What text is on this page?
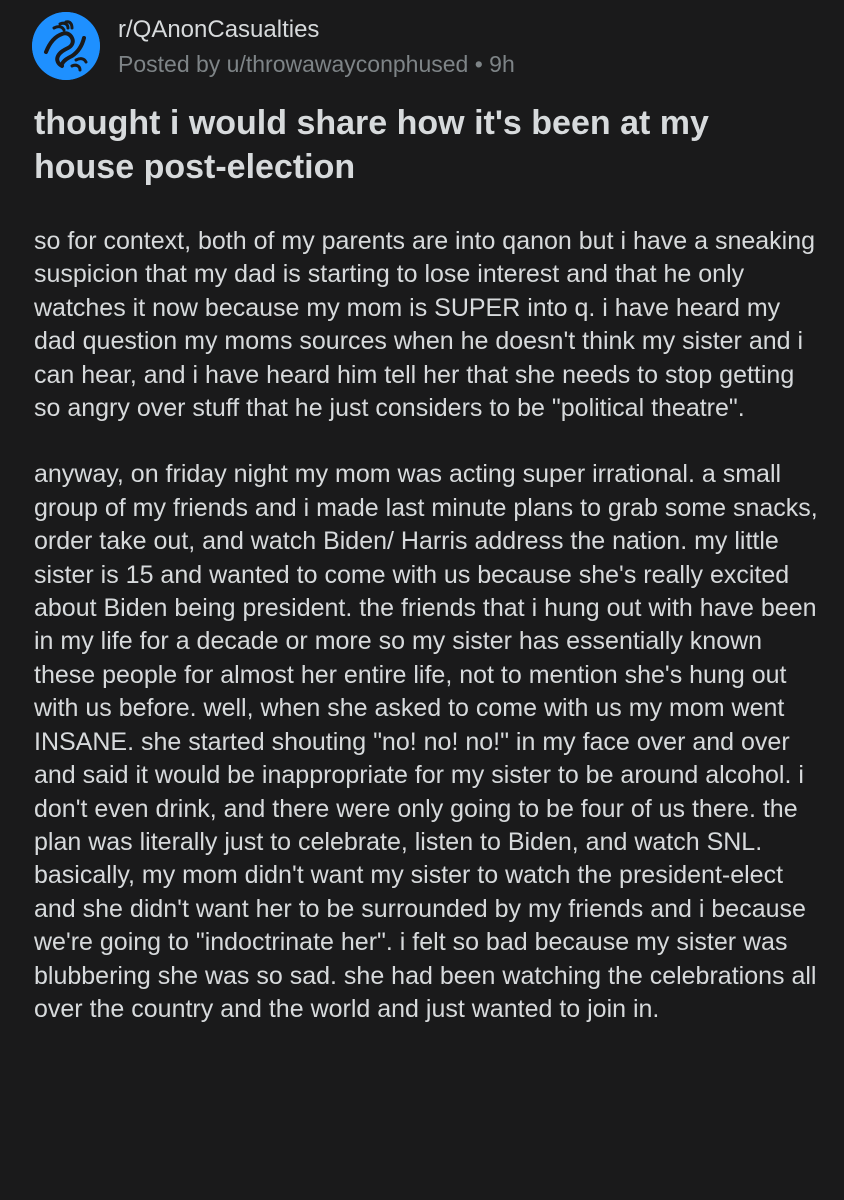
r/QAnonCasualties
Posted by u/throwawayconphused • 9h
thought i would share how it's been at my house post-election

so for context, both of my parents are into qanon but i have a sneaking suspicion that my dad is starting to lose interest and that he only watches it now because my mom is SUPER into q. i have heard my dad question my moms sources when he doesn't think my sister and i can hear, and i have heard him tell her that she needs to stop getting so angry over stuff that he just considers to be "political theatre".

anyway, on friday night my mom was acting super irrational. a small group of my friends and i made last minute plans to grab some snacks, order take out, and watch Biden/ Harris address the nation. my little sister is 15 and wanted to come with us because she's really excited about Biden being president. the friends that i hung out with have been in my life for a decade or more so my sister has essentially known these people for almost her entire life, not to mention she's hung out with us before. well, when she asked to come with us my mom went INSANE. she started shouting "no! no! no!" in my face over and over and said it would be inappropriate for my sister to be around alcohol. i don't even drink, and there were only going to be four of us there. the plan was literally just to celebrate, listen to Biden, and watch SNL. basically, my mom didn't want my sister to watch the president-elect and she didn't want her to be surrounded by my friends and i because we're going to "indoctrinate her". i felt so bad because my sister was blubbering she was so sad. she had been watching the celebrations all over the country and the world and just wanted to join in.
